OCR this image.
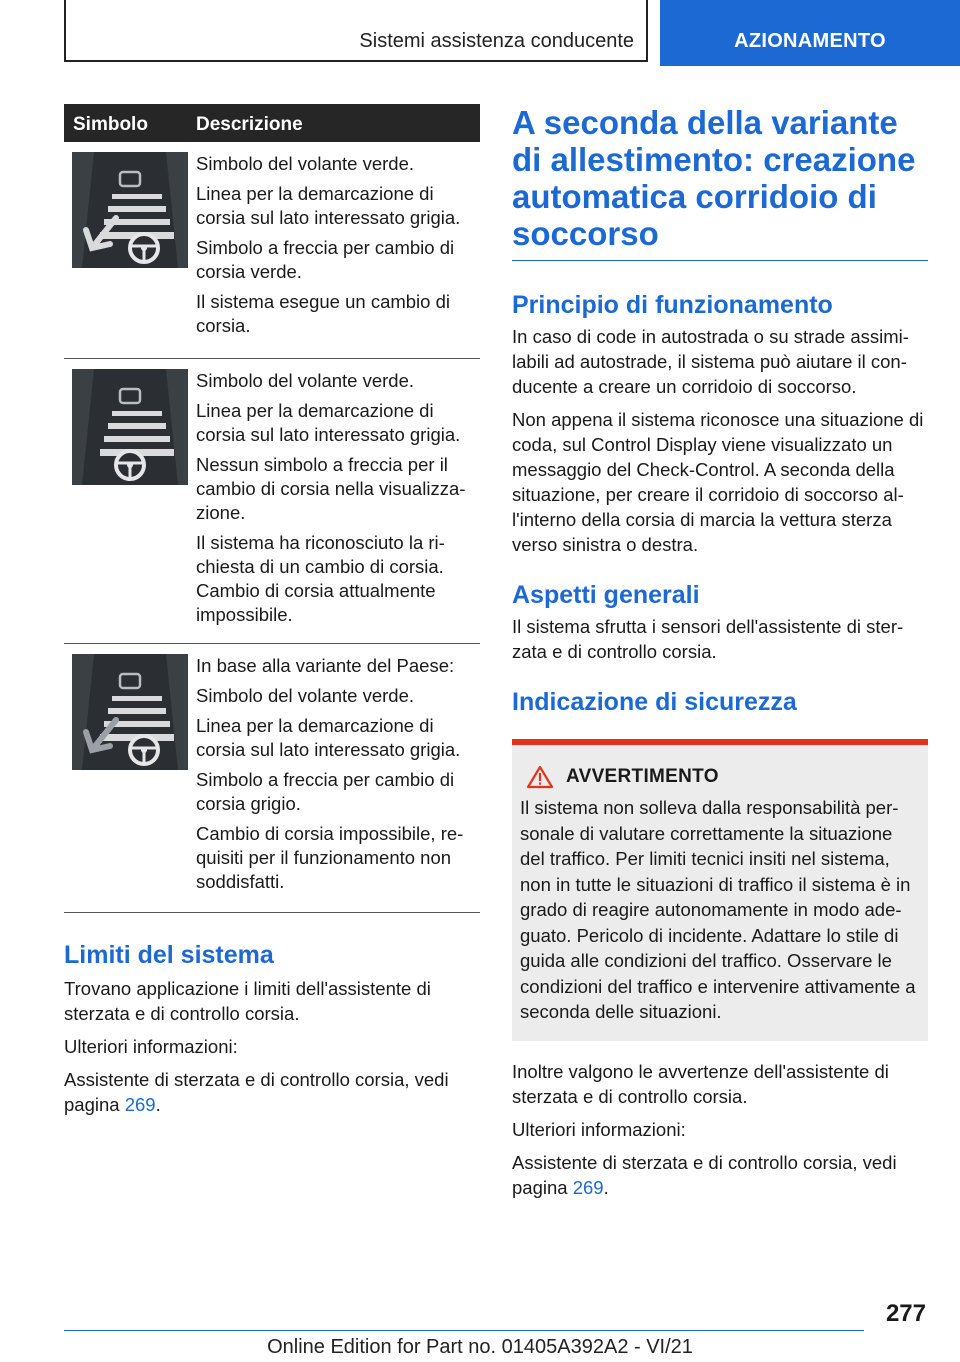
Sistemi assistenza conducente	AZIONAMENTO
Simbolo	Descrizione

Simbolo del volante verde.

Linea per la demarcazione di corsia sul lato interessato grigia.

Simbolo a freccia per cambio di corsia verde.

Il sistema esegue un cambio di corsia.

Simbolo del volante verde.

Linea per la demarcazione di corsia sul lato interessato grigia.

Nessun simbolo a freccia per il cambio di corsia nella visualizza-zione.

Il sistema ha riconosciuto la ri-chiesta di un cambio di corsia. Cambio di corsia attualmente impossibile.

In base alla variante del Paese:

Simbolo del volante verde.

Linea per la demarcazione di corsia sul lato interessato grigia.

Simbolo a freccia per cambio di corsia grigio.

Cambio di corsia impossibile, re-quisiti per il funzionamento non soddisfatti.

Limiti del sistema

Trovano applicazione i limiti dell'assistente di sterzata e di controllo corsia.

Ulteriori informazioni:

Assistente di sterzata e di controllo corsia, vedi pagina 269.

A seconda della variante di allestimento: creazione automatica corridoio di soccorso
Principio di funzionamento

In caso di code in autostrada o su strade assimi-labili ad autostrade, il sistema può aiutare il con-ducente a creare un corridoio di soccorso.

Non appena il sistema riconosce una situazione di coda, sul Control Display viene visualizzato un messaggio del Check-Control. A seconda della situazione, per creare il corridoio di soccorso al-l'interno della corsia di marcia la vettura sterza verso sinistra o destra.

Aspetti generali

Il sistema sfrutta i sensori dell'assistente di ster-zata e di controllo corsia.

Indicazione di sicurezza
AVVERTIMENTO

Il sistema non solleva dalla responsabilità per-sonale di valutare correttamente la situazione del traffico. Per limiti tecnici insiti nel sistema, non in tutte le situazioni di traffico il sistema è in grado di reagire autonomamente in modo ade-guato. Pericolo di incidente. Adattare lo stile di guida alle condizioni del traffico. Osservare le condizioni del traffico e intervenire attivamente a seconda delle situazioni.

Inoltre valgono le avvertenze dell'assistente di sterzata e di controllo corsia.

Ulteriori informazioni:

Assistente di sterzata e di controllo corsia, vedi pagina 269.

277
Online Edition for Part no. 01405A392A2 - VI/21
